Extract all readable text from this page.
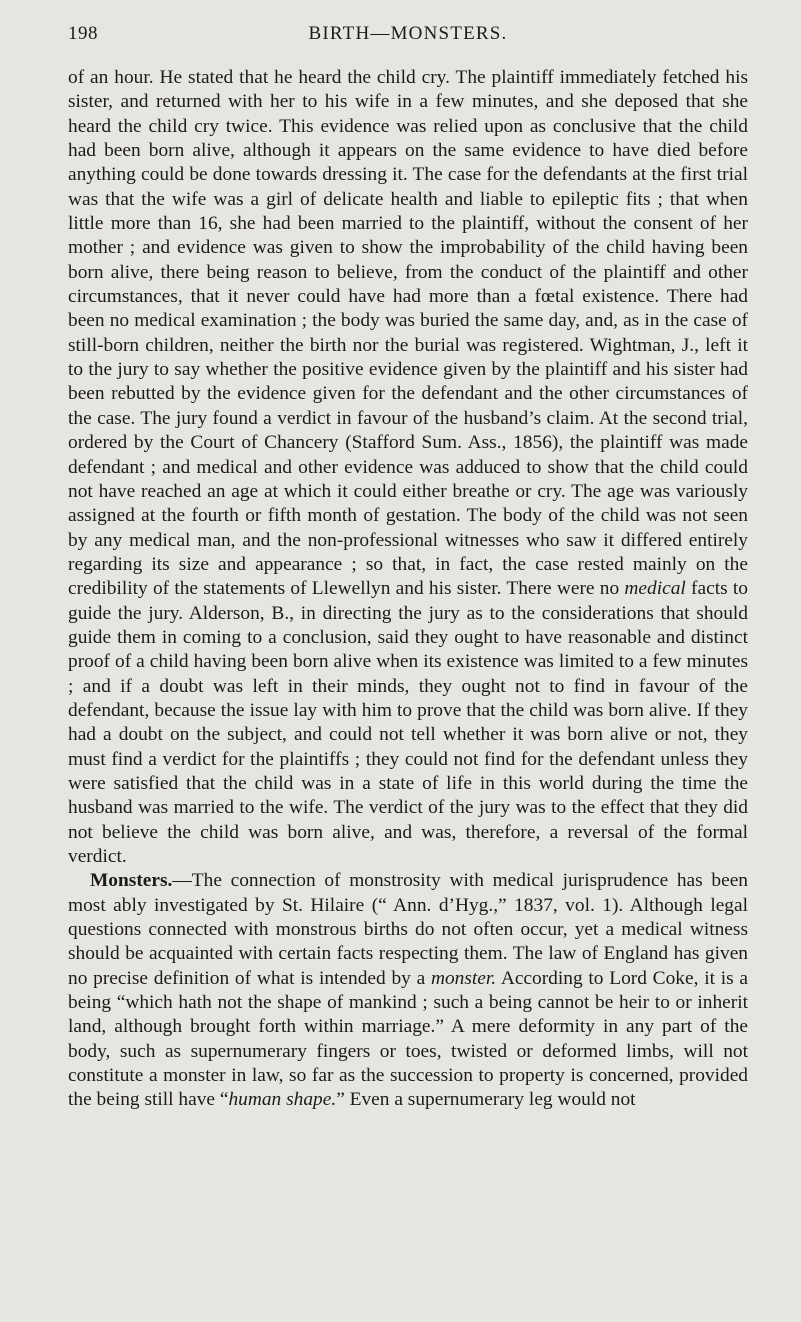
198	BIRTH—MONSTERS.

of an hour. He stated that he heard the child cry. The plaintiff immediately fetched his sister, and returned with her to his wife in a few minutes, and she deposed that she heard the child cry twice. This evidence was relied upon as conclusive that the child had been born alive, although it appears on the same evidence to have died before anything could be done towards dressing it. The case for the defendants at the first trial was that the wife was a girl of delicate health and liable to epileptic fits ; that when little more than 16, she had been married to the plaintiff, without the consent of her mother ; and evidence was given to show the improbability of the child having been born alive, there being reason to believe, from the conduct of the plaintiff and other circumstances, that it never could have had more than a fœtal existence. There had been no medical examination ; the body was buried the same day, and, as in the case of still-born children, neither the birth nor the burial was registered. Wightman, J., left it to the jury to say whether the positive evidence given by the plaintiff and his sister had been rebutted by the evidence given for the defendant and the other circumstances of the case. The jury found a verdict in favour of the husband’s claim. At the second trial, ordered by the Court of Chancery (Stafford Sum. Ass., 1856), the plaintiff was made defendant ; and medical and other evidence was adduced to show that the child could not have reached an age at which it could either breathe or cry. The age was variously assigned at the fourth or fifth month of gestation. The body of the child was not seen by any medical man, and the non-professional witnesses who saw it differed entirely regarding its size and appearance ; so that, in fact, the case rested mainly on the credibility of the statements of Llewellyn and his sister. There were no medical facts to guide the jury. Alderson, B., in directing the jury as to the considerations that should guide them in coming to a conclusion, said they ought to have reasonable and distinct proof of a child having been born alive when its existence was limited to a few minutes ; and if a doubt was left in their minds, they ought not to find in favour of the defendant, because the issue lay with him to prove that the child was born alive. If they had a doubt on the subject, and could not tell whether it was born alive or not, they must find a verdict for the plaintiffs ; they could not find for the defendant unless they were satisfied that the child was in a state of life in this world during the time the husband was married to the wife. The verdict of the jury was to the effect that they did not believe the child was born alive, and was, therefore, a reversal of the formal verdict.

Monsters.—The connection of monstrosity with medical jurisprudence has been most ably investigated by St. Hilaire (“ Ann. d’Hyg.,” 1837, vol. 1). Although legal questions connected with monstrous births do not often occur, yet a medical witness should be acquainted with certain facts respecting them. The law of England has given no precise definition of what is intended by a monster. According to Lord Coke, it is a being “which hath not the shape of mankind ; such a being cannot be heir to or inherit land, although brought forth within marriage.” A mere deformity in any part of the body, such as supernumerary fingers or toes, twisted or deformed limbs, will not constitute a monster in law, so far as the succession to property is concerned, provided the being still have “human shape.” Even a supernumerary leg would not
